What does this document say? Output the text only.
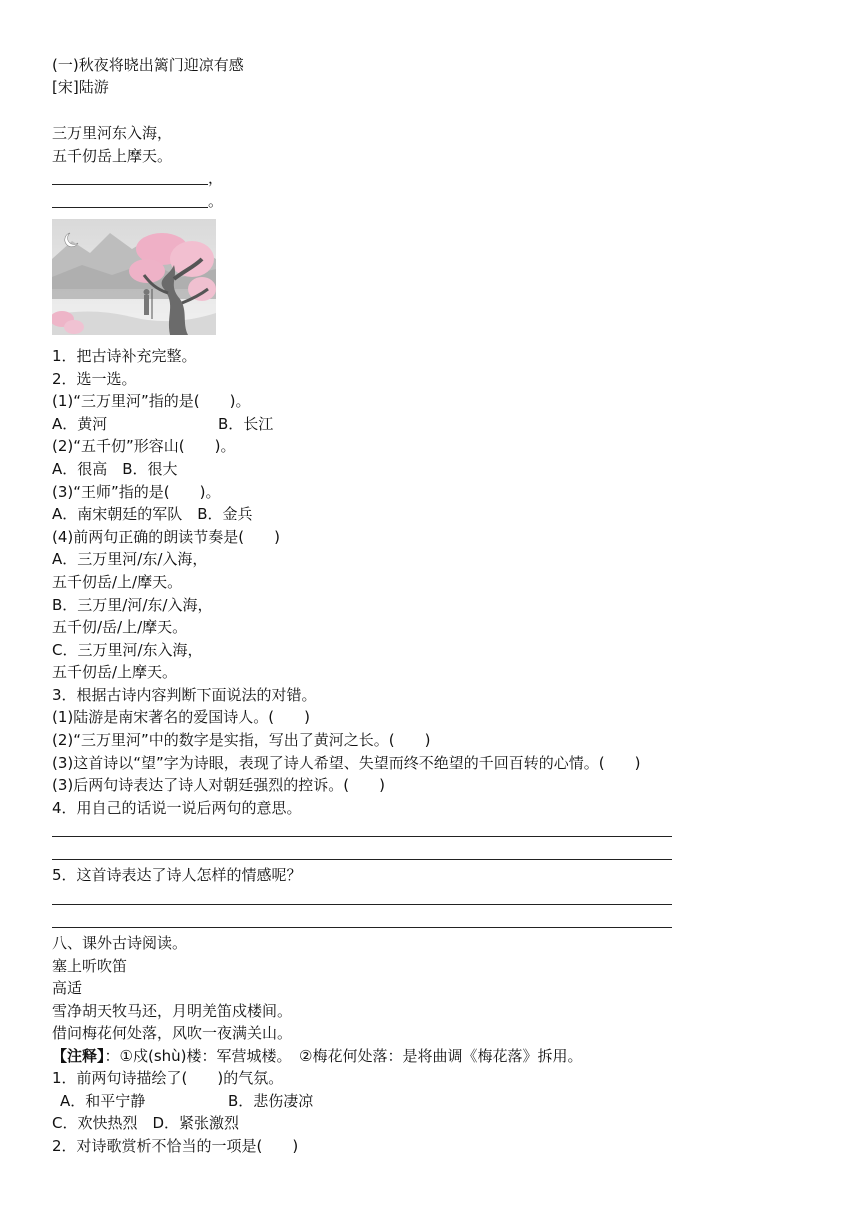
(一)秋夜将晓出篱门迎凉有感
[宋]陆游
三万里河东入海，
五千仞岳上摩天。
，
。
1．把古诗补充完整。
2．选一选。
(1)“三万里河”指的是(　　)。
A．黄河	B．长江
(2)“五千仞”形容山(　　)。
A．很高　B．很大
(3)“王师”指的是(　　)。
A．南宋朝廷的军队　B．金兵
(4)前两句正确的朗读节奏是(　　)
A．三万里河/东/入海，
五千仞岳/上/摩天。
B．三万里/河/东/入海，
五千仞/岳/上/摩天。
C．三万里河/东入海，
五千仞岳/上摩天。
3．根据古诗内容判断下面说法的对错。
(1)陆游是南宋著名的爱国诗人。(　　)
(2)“三万里河”中的数字是实指，写出了黄河之长。(　　)
(3)这首诗以“望”字为诗眼，表现了诗人希望、失望而终不绝望的千回百转的心情。(　　)
(3)后两句诗表达了诗人对朝廷强烈的控诉。(　　)
4．用自己的话说一说后两句的意思。
5．这首诗表达了诗人怎样的情感呢？
八、课外古诗阅读。
塞上听吹笛
高适
雪净胡天牧马还，月明羌笛戍楼间。
借问梅花何处落，风吹一夜满关山。
【注释】：①戍(shù)楼：军营城楼。　②梅花何处落：是将曲调《梅花落》拆用。
1．前两句诗描绘了(　　)的气氛。
A．和平宁静	B．悲伤凄凉
C．欢快热烈　D．紧张激烈
2．对诗歌赏析不恰当的一项是(　　)
